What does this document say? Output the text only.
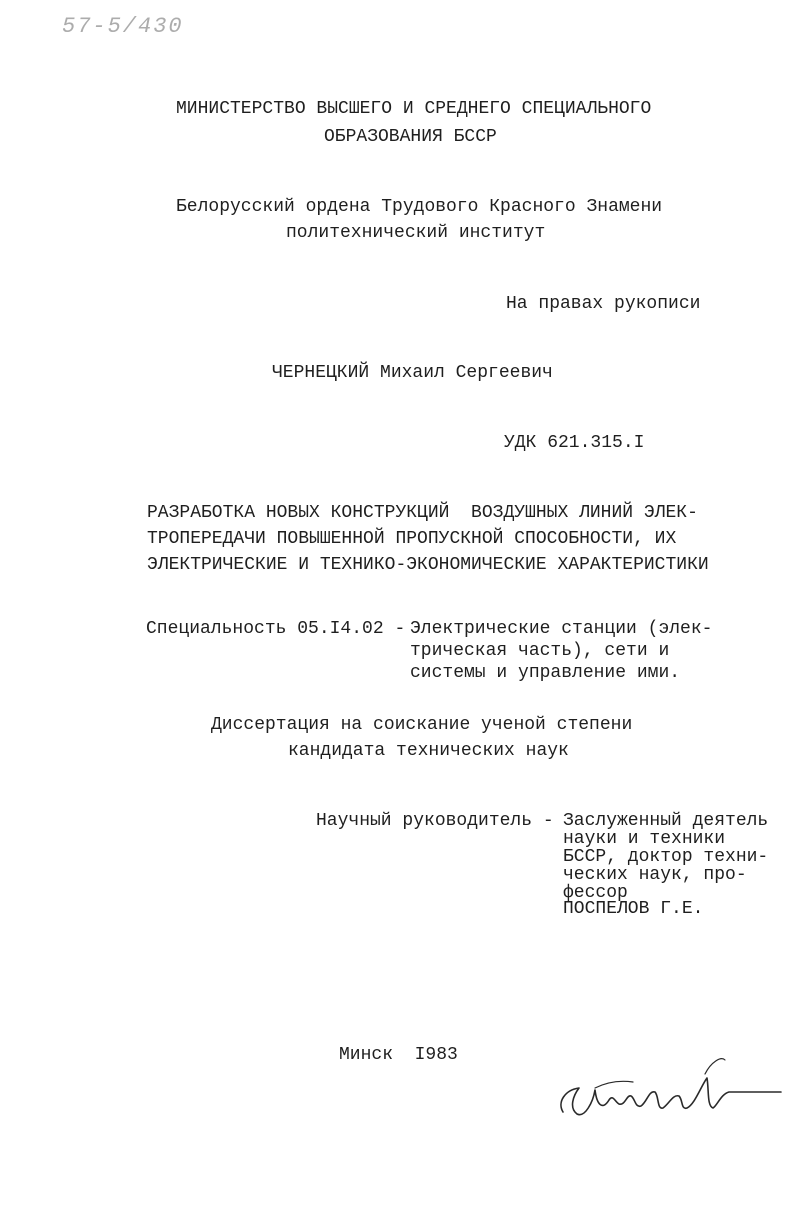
57-5/430
МИНИСТЕРСТВО ВЫСШЕГО И СРЕДНЕГО СПЕЦИАЛЬНОГО
ОБРАЗОВАНИЯ БССР
Белорусский ордена Трудового Красного Знамени
политехнический институт
На правах рукописи
ЧЕРНЕЦКИЙ Михаил Сергеевич
УДК 621.315.I
РАЗРАБОТКА НОВЫХ КОНСТРУКЦИЙ  ВОЗДУШНЫХ ЛИНИЙ ЭЛЕК-
ТРОПЕРЕДАЧИ ПОВЫШЕННОЙ ПРОПУСКНОЙ СПОСОБНОСТИ, ИХ
ЭЛЕКТРИЧЕСКИЕ И ТЕХНИКО-ЭКОНОМИЧЕСКИЕ ХАРАКТЕРИСТИКИ
Специальность 05.I4.02 -
Электрические станции (элек-
трическая часть), сети и
системы и управление ими.
Диссертация на соискание ученой степени
кандидата технических наук
Научный руководитель -
Заслуженный деятель
науки и техники
БССР, доктор техни-
ческих наук, про-
фессор
ПОСПЕЛОВ Г.Е.
Минск  I983
